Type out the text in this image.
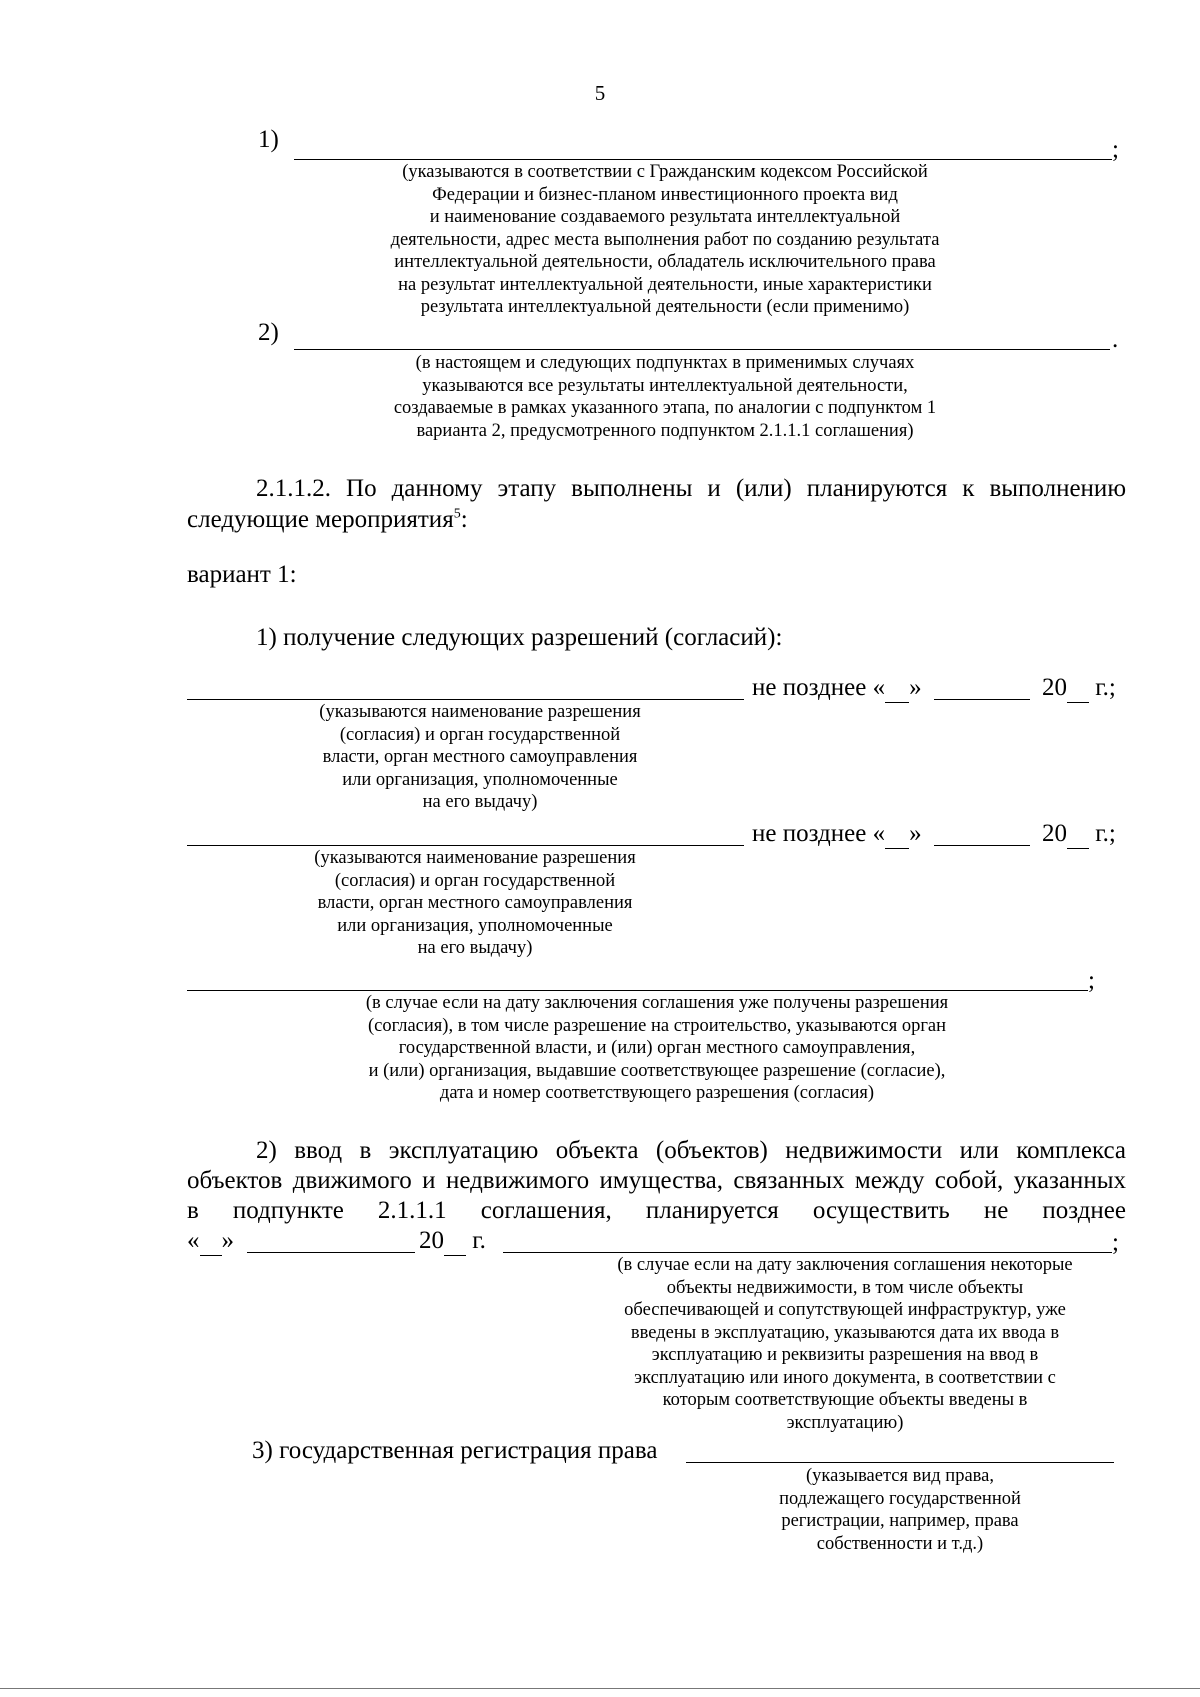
5
1)	;
(указываются в соответствии с Гражданским кодексом Российской
Федерации и бизнес-планом инвестиционного проекта вид
и наименование создаваемого результата интеллектуальной
деятельности, адрес места выполнения работ по созданию результата
интеллектуальной деятельности, обладатель исключительного права
на результат интеллектуальной деятельности, иные характеристики
результата интеллектуальной деятельности (если применимо)
2)	.
(в настоящем и следующих подпунктах в применимых случаях
указываются все результаты интеллектуальной деятельности,
создаваемые в рамках указанного этапа, по аналогии с подпунктом 1
варианта 2, предусмотренного подпунктом 2.1.1.1 соглашения)
2.1.1.2. По данному этапу выполнены и (или) планируются к выполнению
следующие мероприятия$^5$:
вариант 1:
1) получение следующих разрешений (согласий):
не позднее « »	20 г.;
(указываются наименование разрешения
(согласия) и орган государственной
власти, орган местного самоуправления
или организация, уполномоченные
на его выдачу)
не позднее « »	20 г.;
(указываются наименование разрешения
(согласия) и орган государственной
власти, орган местного самоуправления
или организация, уполномоченные
на его выдачу)
;
(в случае если на дату заключения соглашения уже получены разрешения
(согласия), в том числе разрешение на строительство, указываются орган
государственной власти, и (или) орган местного самоуправления,
и (или) организация, выдавшие соответствующее разрешение (согласие),
дата и номер соответствующего разрешения (согласия)
2) ввод в эксплуатацию объекта (объектов) недвижимости или комплекса
объектов движимого и недвижимого имущества, связанных между собой, указанных
в подпункте 2.1.1.1 соглашения, планируется осуществить не позднее
« »	20 г.	;
(в случае если на дату заключения соглашения некоторые
объекты недвижимости, в том числе объекты
обеспечивающей и сопутствующей инфраструктур, уже
введены в эксплуатацию, указываются дата их ввода в
эксплуатацию и реквизиты разрешения на ввод в
эксплуатацию или иного документа, в соответствии с
которым соответствующие объекты введены в
эксплуатацию)
3) государственная регистрация права
(указывается вид права,
подлежащего государственной
регистрации, например, права
собственности и т.д.)
